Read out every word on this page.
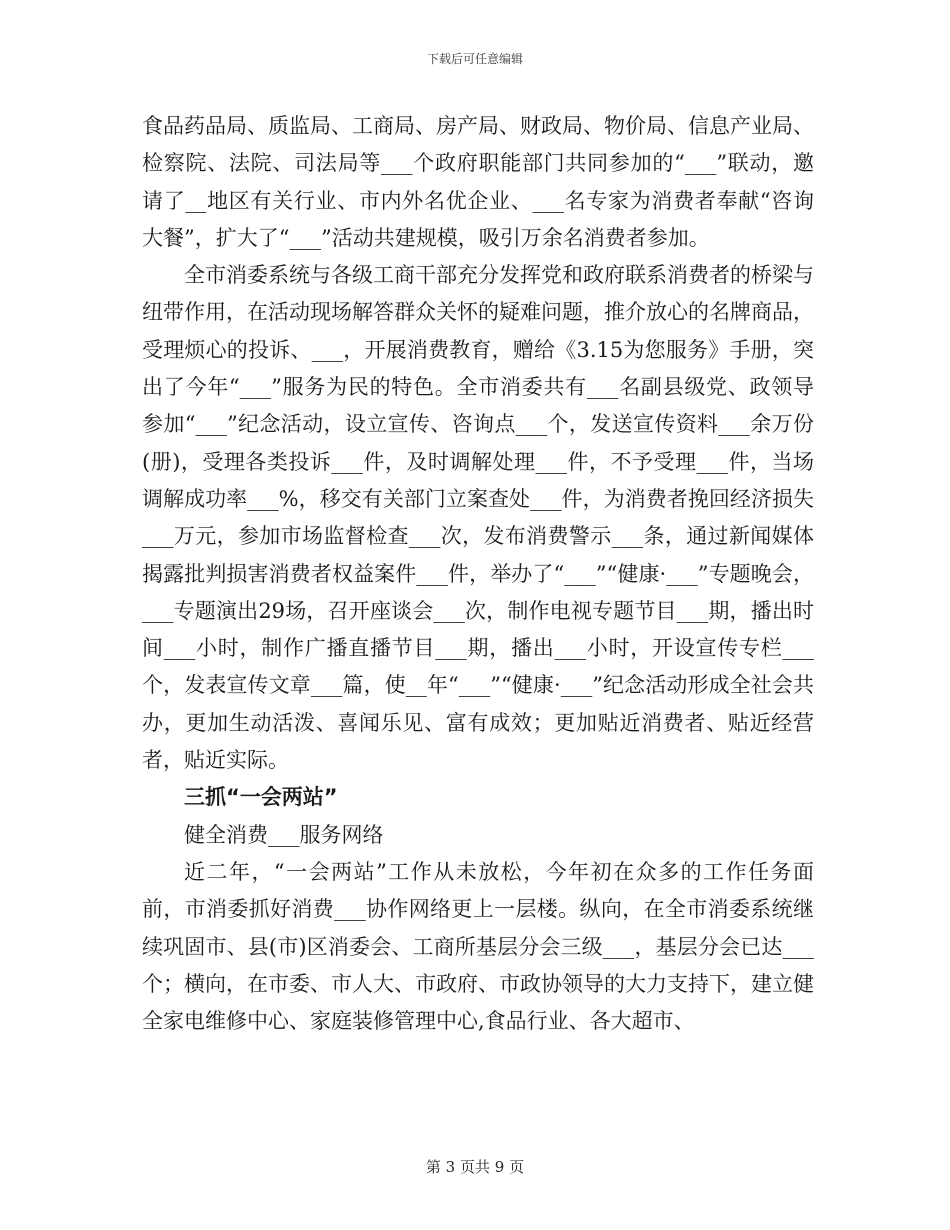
下载后可任意编辑

食品药品局、质监局、工商局、房产局、财政局、物价局、信息产业局、检察院、法院、司法局等___个政府职能部门共同参加的“___”联动，邀请了__地区有关行业、市内外名优企业、___名专家为消费者奉献“咨询大餐”，扩大了“___”活动共建规模，吸引万余名消费者参加。

全市消委系统与各级工商干部充分发挥党和政府联系消费者的桥梁与纽带作用，在活动现场解答群众关怀的疑难问题，推介放心的名牌商品，受理烦心的投诉、___，开展消费教育，赠给《3.15为您服务》手册，突出了今年“___”服务为民的特色。全市消委共有___名副县级党、政领导参加“___”纪念活动，设立宣传、咨询点___个，发送宣传资料___余万份(册)，受理各类投诉___件，及时调解处理___件，不予受理___件，当场调解成功率___%，移交有关部门立案查处___件，为消费者挽回经济损失___万元，参加市场监督检查___次，发布消费警示___条，通过新闻媒体揭露批判损害消费者权益案件___件，举办了“___”“健康·___”专题晚会，___专题演出29场，召开座谈会___次，制作电视专题节目___期，播出时间___小时，制作广播直播节目___期，播出___小时，开设宣传专栏___个，发表宣传文章___篇，使__年“___”“健康·___”纪念活动形成全社会共办，更加生动活泼、喜闻乐见、富有成效；更加贴近消费者、贴近经营者，贴近实际。

三抓“一会两站”

健全消费___服务网络

近二年，“一会两站”工作从未放松，今年初在众多的工作任务面前，市消委抓好消费___协作网络更上一层楼。纵向，在全市消委系统继续巩固市、县(市)区消委会、工商所基层分会三级___，基层分会已达___个；横向，在市委、市人大、市政府、市政协领导的大力支持下，建立健全家电维修中心、家庭装修管理中心,食品行业、各大超市、

第 3 页共 9 页
